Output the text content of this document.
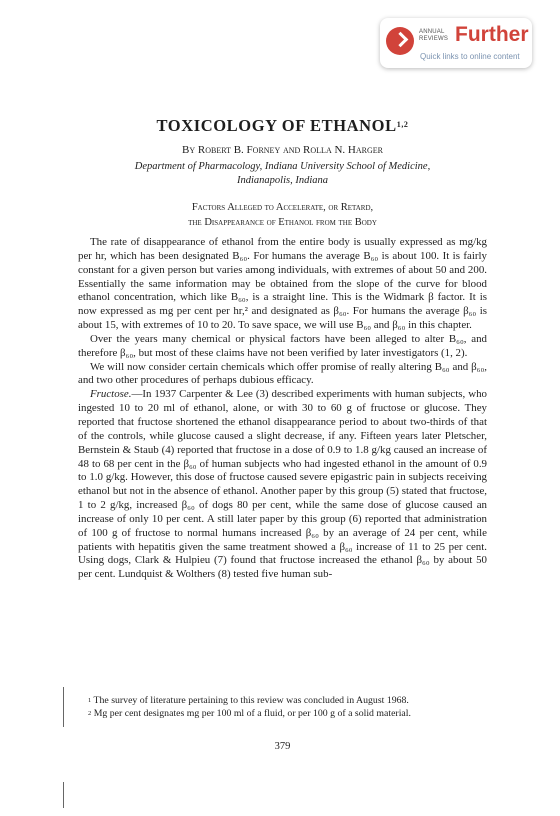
ANNUAL
REVIEWS Further
Quick links to online content
TOXICOLOGY OF ETHANOL$^{1,2}$

By Robert B. Forney and Rolla N. Harger

Department of Pharmacology, Indiana University School of Medicine,

Indianapolis, Indiana

Factors Alleged to Accelerate, or Retard,
the Disappearance of Ethanol from the Body

The rate of disappearance of ethanol from the entire body is usually expressed as mg/kg per hr, which has been designated B₆₀. For humans the average B₆₀ is about 100. It is fairly constant for a given person but varies among individuals, with extremes of about 50 and 200. Essentially the same information may be obtained from the slope of the curve for blood ethanol concentration, which like B₆₀, is a straight line. This is the Widmark β factor. It is now expressed as mg per cent per hr,² and designated as β₆₀. For humans the average β₆₀ is about 15, with extremes of 10 to 20. To save space, we will use B₆₀ and β₆₀ in this chapter.

Over the years many chemical or physical factors have been alleged to alter B₆₀, and therefore β₆₀, but most of these claims have not been verified by later investigators (1, 2).

We will now consider certain chemicals which offer promise of really altering B₆₀ and β₆₀, and two other procedures of perhaps dubious efficacy.

Fructose.—In 1937 Carpenter & Lee (3) described experiments with human subjects, who ingested 10 to 20 ml of ethanol, alone, or with 30 to 60 g of fructose or glucose. They reported that fructose shortened the ethanol disappearance period to about two-thirds of that of the controls, while glucose caused a slight decrease, if any. Fifteen years later Pletscher, Bernstein & Staub (4) reported that fructose in a dose of 0.9 to 1.8 g/kg caused an increase of 48 to 68 per cent in the β₆₀ of human subjects who had ingested ethanol in the amount of 0.9 to 1.0 g/kg. However, this dose of fructose caused severe epigastric pain in subjects receiving ethanol but not in the absence of ethanol. Another paper by this group (5) stated that fructose, 1 to 2 g/kg, increased β₆₀ of dogs 80 per cent, while the same dose of glucose caused an increase of only 10 per cent. A still later paper by this group (6) reported that administration of 100 g of fructose to normal humans increased β₆₀ by an average of 24 per cent, while patients with hepatitis given the same treatment showed a β₆₀ increase of 11 to 25 per cent. Using dogs, Clark & Hulpieu (7) found that fructose increased the ethanol β₆₀ by about 50 per cent. Lundquist & Wolthers (8) tested five human sub-

$^1$ The survey of literature pertaining to this review was concluded in August 1968.

$^2$ Mg per cent designates mg per 100 ml of a fluid, or per 100 g of a solid material.

379
